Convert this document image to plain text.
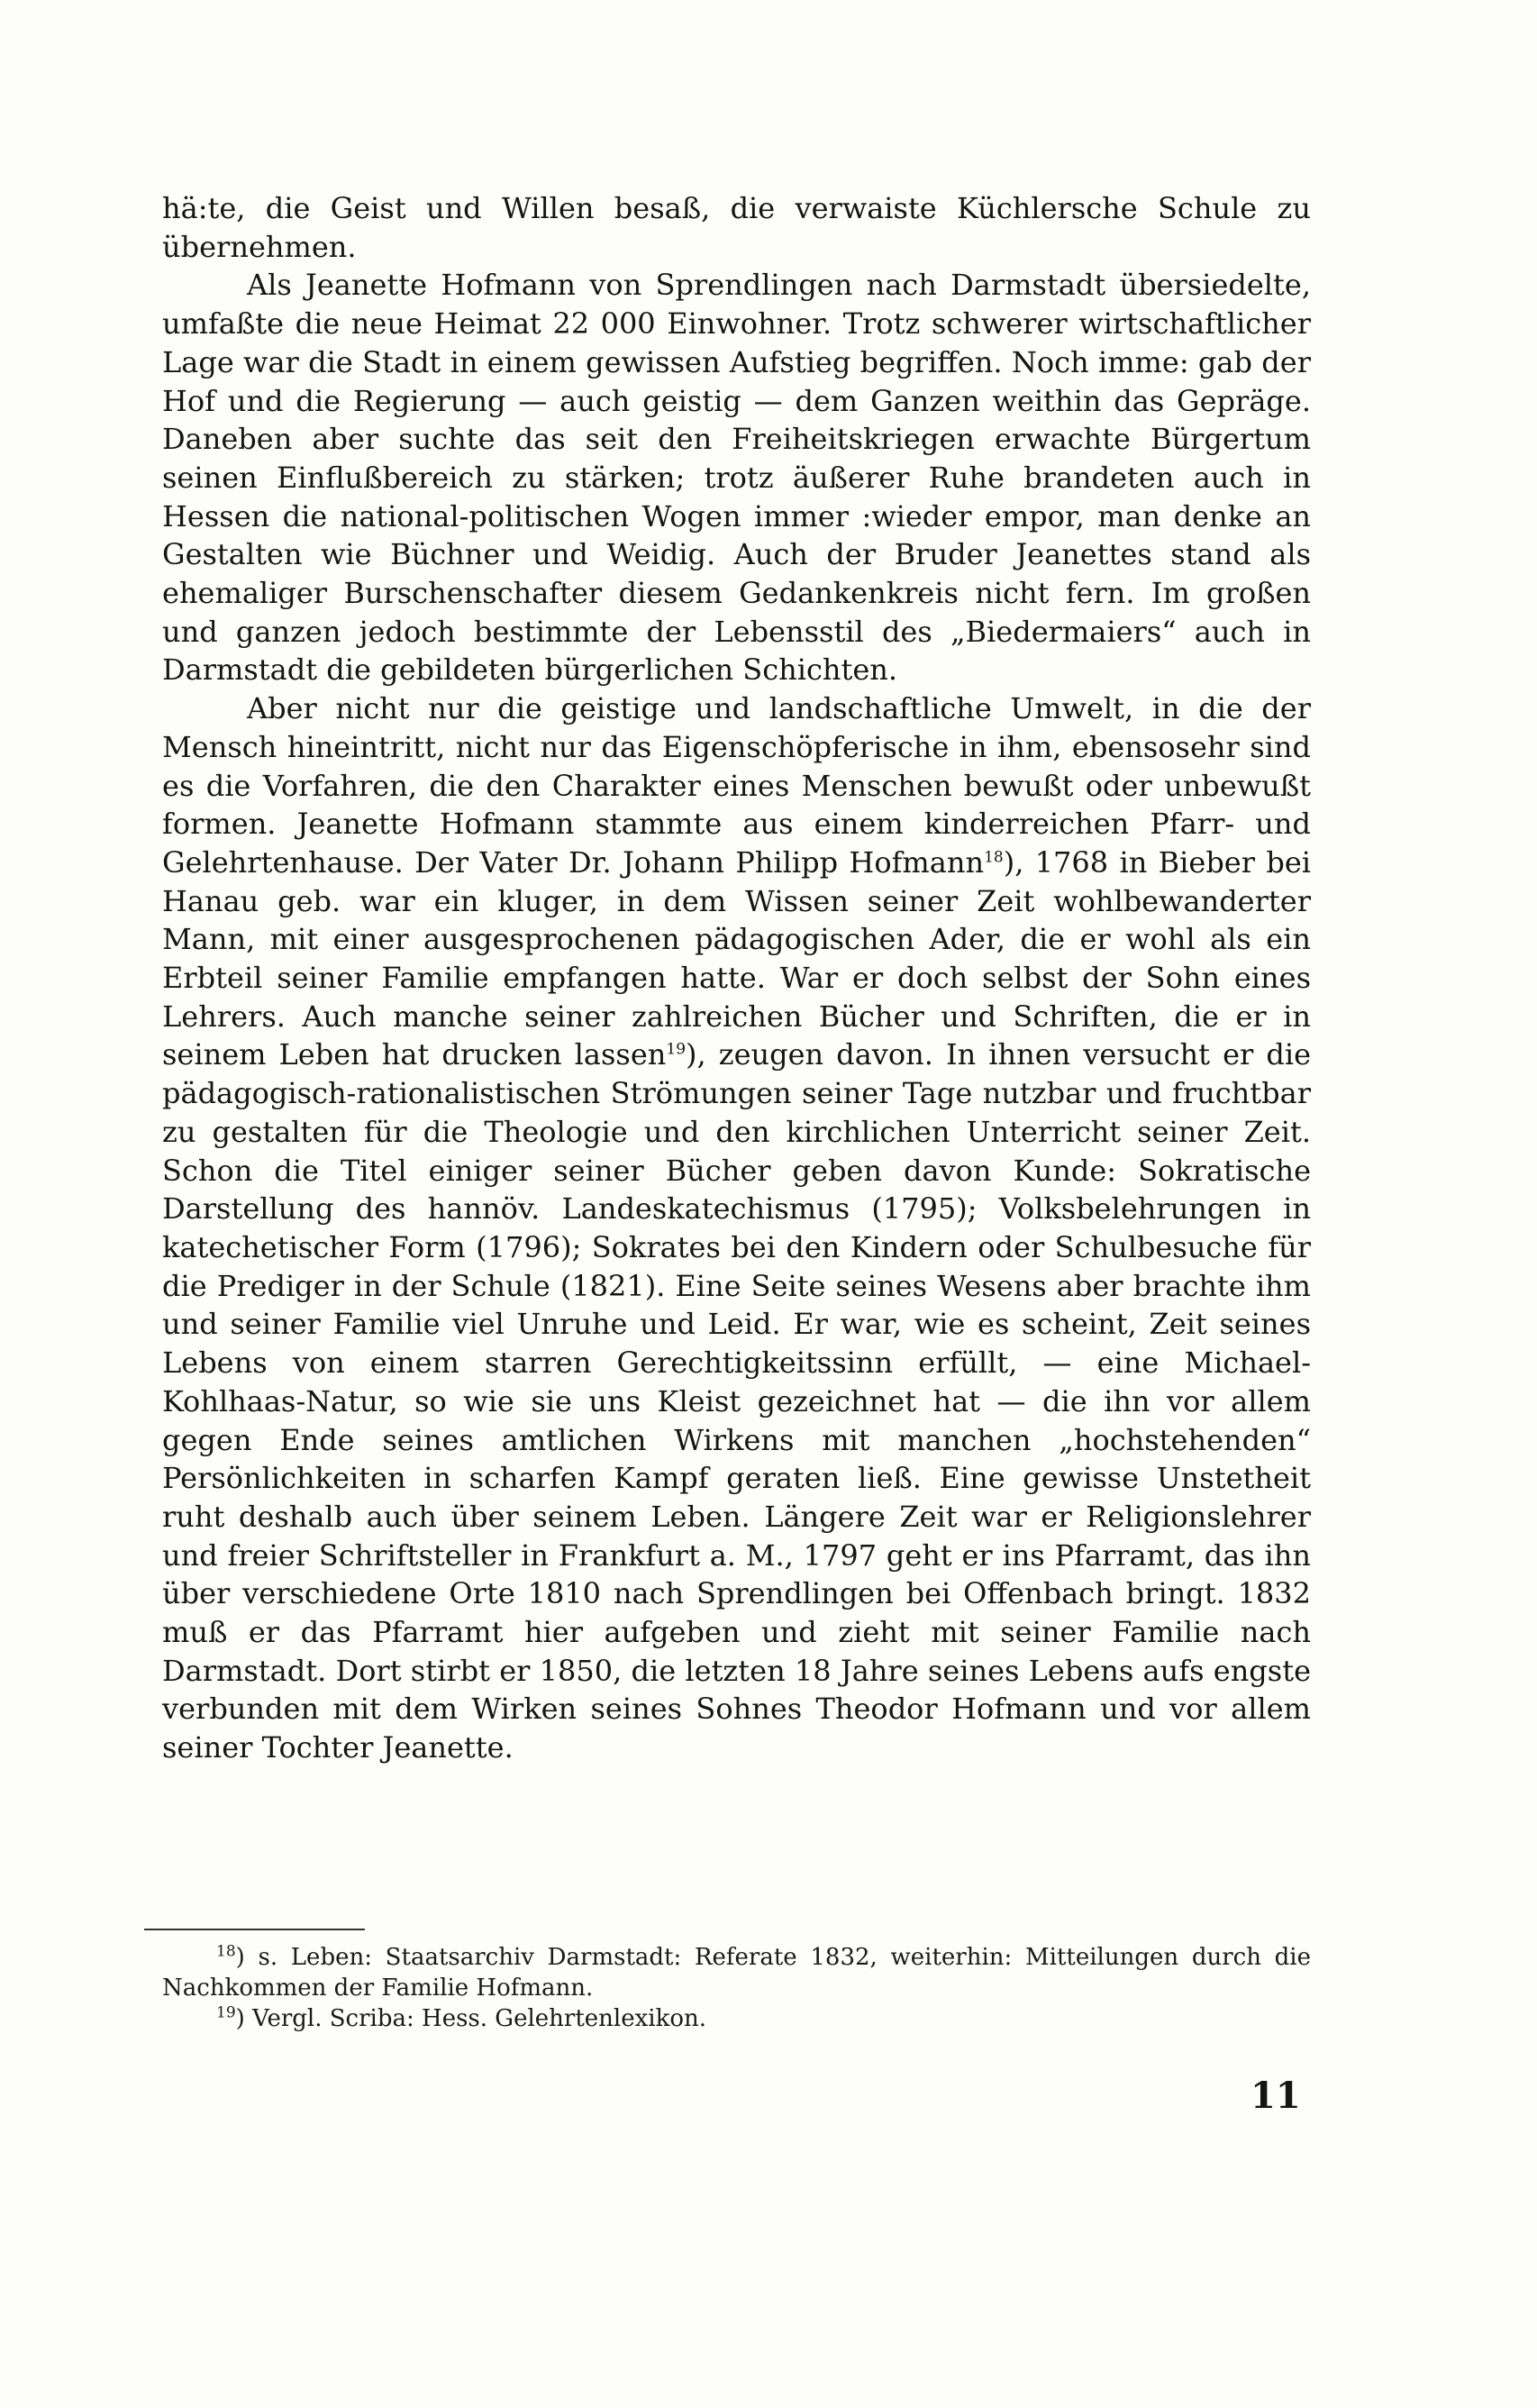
hä:te, die Geist und Willen besaß, die verwaiste Küchlersche Schule zu übernehmen.

Als Jeanette Hofmann von Sprendlingen nach Darmstadt übersiedelte, umfaßte die neue Heimat 22 000 Einwohner. Trotz schwerer wirtschaftlicher Lage war die Stadt in einem gewissen Aufstieg begriffen. Noch imme: gab der Hof und die Regierung — auch geistig — dem Ganzen weithin das Gepräge. Daneben aber suchte das seit den Freiheitskriegen erwachte Bürgertum seinen Einflußbereich zu stärken; trotz äußerer Ruhe brandeten auch in Hessen die national-politischen Wogen immer :wieder empor, man denke an Gestalten wie Büchner und Weidig. Auch der Bruder Jeanettes stand als ehemaliger Burschenschafter diesem Gedankenkreis nicht fern. Im großen und ganzen jedoch bestimmte der Lebensstil des „Biedermaiers“ auch in Darmstadt die gebildeten bürgerlichen Schichten.

Aber nicht nur die geistige und landschaftliche Umwelt, in die der Mensch hineintritt, nicht nur das Eigenschöpferische in ihm, ebensosehr sind es die Vorfahren, die den Charakter eines Menschen bewußt oder unbewußt formen. Jeanette Hofmann stammte aus einem kinderreichen Pfarr- und Gelehrtenhause. Der Vater Dr. Johann Philipp Hofmann$^{18}$), 1768 in Bieber bei Hanau geb. war ein kluger, in dem Wissen seiner Zeit wohlbewanderter Mann, mit einer ausgesprochenen pädagogischen Ader, die er wohl als ein Erbteil seiner Familie empfangen hatte. War er doch selbst der Sohn eines Lehrers. Auch manche seiner zahlreichen Bücher und Schriften, die er in seinem Leben hat drucken lassen$^{19}$), zeugen davon. In ihnen versucht er die pädagogisch-rationalistischen Strömungen seiner Tage nutzbar und fruchtbar zu gestalten für die Theologie und den kirchlichen Unterricht seiner Zeit. Schon die Titel einiger seiner Bücher geben davon Kunde: Sokratische Darstellung des hannöv. Landeskatechismus (1795); Volksbelehrungen in katechetischer Form (1796); Sokrates bei den Kindern oder Schulbesuche für die Prediger in der Schule (1821). Eine Seite seines Wesens aber brachte ihm und seiner Familie viel Unruhe und Leid. Er war, wie es scheint, Zeit seines Lebens von einem starren Gerechtigkeitssinn erfüllt, — eine Michael-Kohlhaas-Natur, so wie sie uns Kleist gezeichnet hat — die ihn vor allem gegen Ende seines amtlichen Wirkens mit manchen „hochstehenden“ Persönlichkeiten in scharfen Kampf geraten ließ. Eine gewisse Unstetheit ruht deshalb auch über seinem Leben. Längere Zeit war er Religionslehrer und freier Schriftsteller in Frankfurt a. M., 1797 geht er ins Pfarramt, das ihn über verschiedene Orte 1810 nach Sprendlingen bei Offenbach bringt. 1832 muß er das Pfarramt hier aufgeben und zieht mit seiner Familie nach Darmstadt. Dort stirbt er 1850, die letzten 18 Jahre seines Lebens aufs engste verbunden mit dem Wirken seines Sohnes Theodor Hofmann und vor allem seiner Tochter Jeanette.

$^{18}$) s. Leben: Staatsarchiv Darmstadt: Referate 1832, weiterhin: Mitteilungen durch die Nachkommen der Familie Hofmann.

$^{19}$) Vergl. Scriba: Hess. Gelehrtenlexikon.

11
